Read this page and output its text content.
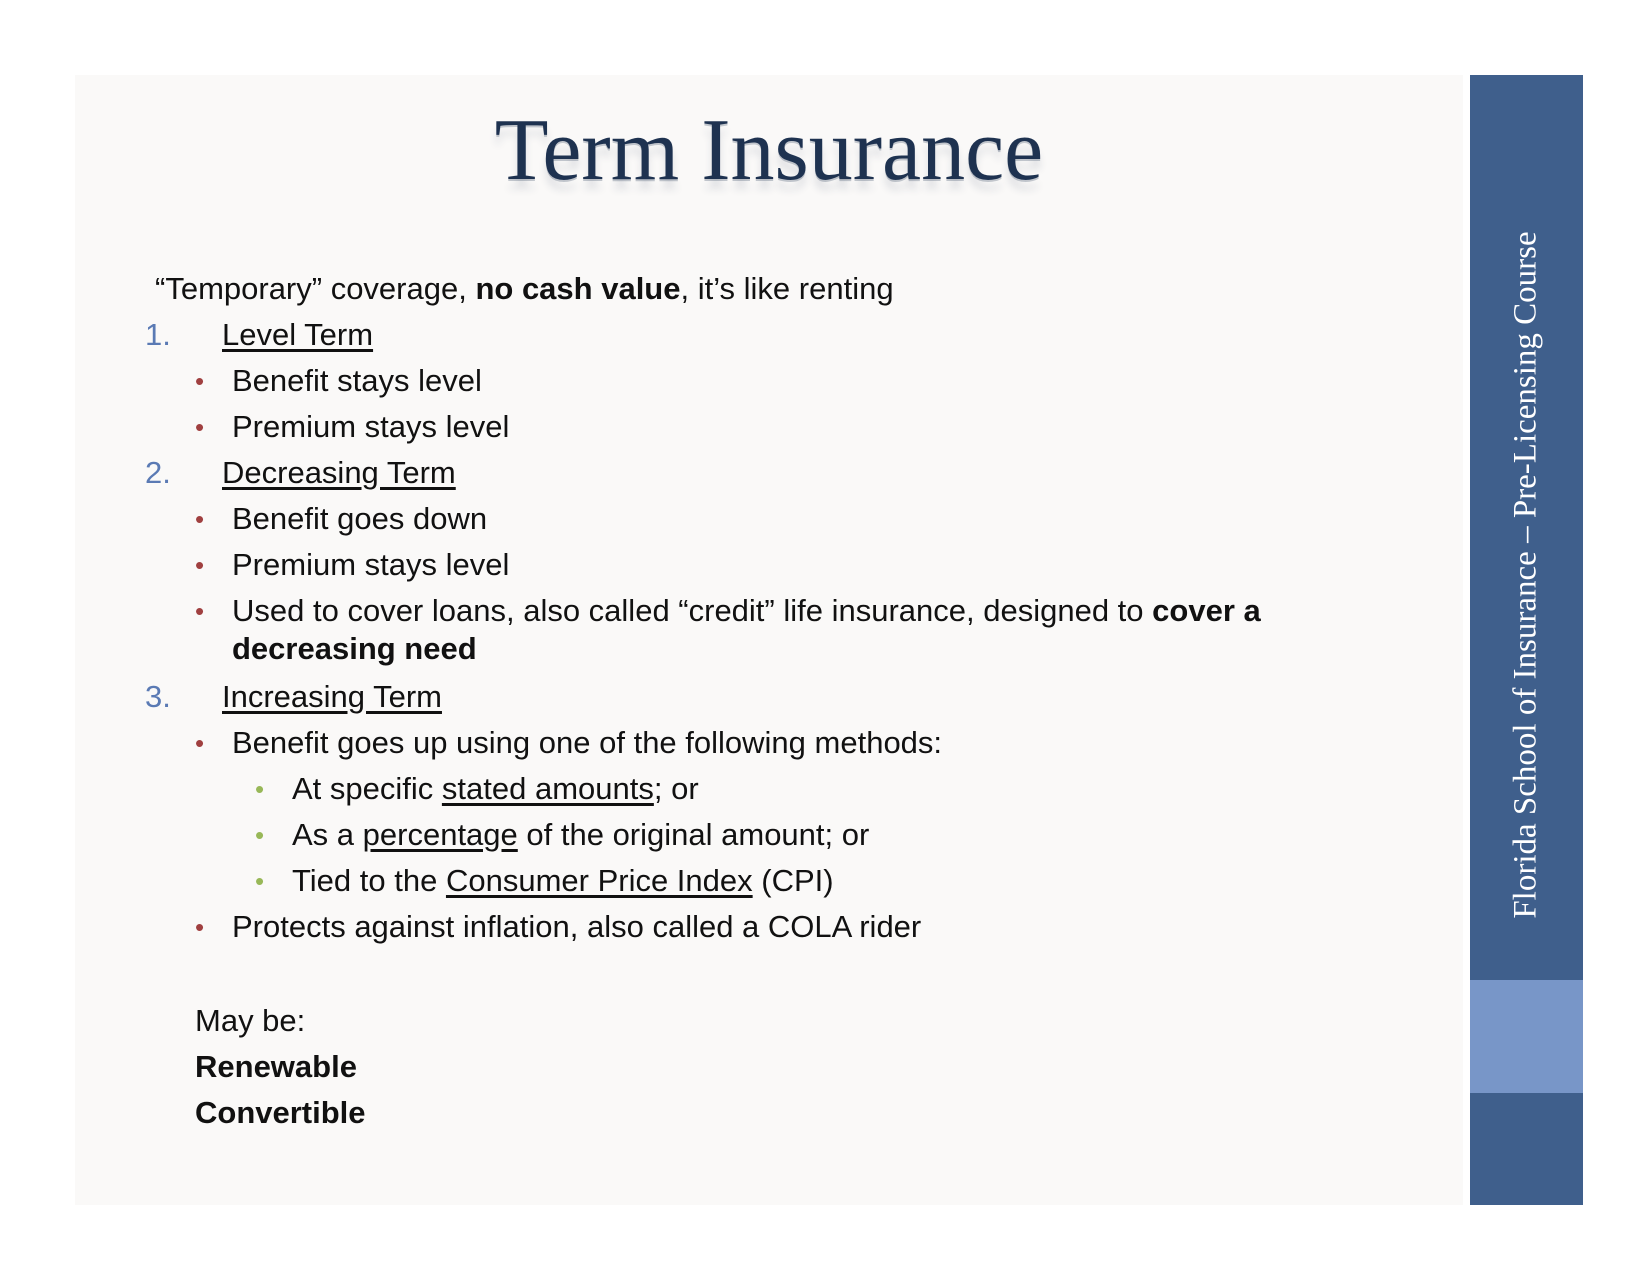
Term Insurance
“Temporary” coverage, no cash value, it’s like renting
1. Level Term
• Benefit stays level
• Premium stays level
2. Decreasing Term
• Benefit goes down
• Premium stays level
• Used to cover loans, also called “credit” life insurance, designed to cover a
decreasing need
3. Increasing Term
• Benefit goes up using one of the following methods:
• At specific stated amounts; or
• As a percentage of the original amount; or
• Tied to the Consumer Price Index (CPI)
• Protects against inflation, also called a COLA rider
May be:
Renewable
Convertible
Florida School of Insurance – Pre-Licensing Course
